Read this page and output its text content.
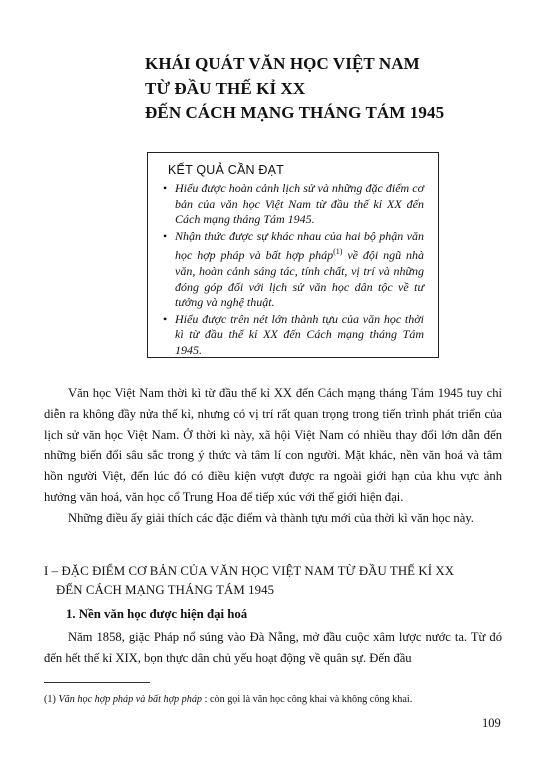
KHÁI QUÁT VĂN HỌC VIỆT NAM
TỪ ĐẦU THẾ KỈ XX
ĐẾN CÁCH MẠNG THÁNG TÁM 1945
KẾT QUẢ CẦN ĐẠT
• Hiểu được hoàn cảnh lịch sử và những đặc điểm cơ bản của văn học Việt Nam từ đầu thế kỉ XX đến Cách mạng tháng Tám 1945.
• Nhận thức được sự khác nhau của hai bộ phận văn học hợp pháp và bất hợp pháp$^{(1)}$ về đội ngũ nhà văn, hoàn cảnh sáng tác, tính chất, vị trí và những đóng góp đối với lịch sử văn học dân tộc về tư tưởng và nghệ thuật.
• Hiểu được trên nét lớn thành tựu của văn học thời kì từ đầu thế kỉ XX đến Cách mạng tháng Tám 1945.

Văn học Việt Nam thời kì từ đầu thế kỉ XX đến Cách mạng tháng Tám 1945 tuy chỉ diễn ra không đầy nửa thế kỉ, nhưng có vị trí rất quan trọng trong tiến trình phát triển của lịch sử văn học Việt Nam. Ở thời kì này, xã hội Việt Nam có nhiều thay đổi lớn dẫn đến những biến đổi sâu sắc trong ý thức và tâm lí con người. Mặt khác, nền văn hoá và tâm hồn người Việt, đến lúc đó có điều kiện vượt được ra ngoài giới hạn của khu vực ảnh hưởng văn hoá, văn học cổ Trung Hoa để tiếp xúc với thế giới hiện đại.

Những điều ấy giải thích các đặc điểm và thành tựu mới của thời kì văn học này.

I – ĐẶC ĐIỂM CƠ BẢN CỦA VĂN HỌC VIỆT NAM TỪ ĐẦU THẾ KỈ XX
ĐẾN CÁCH MẠNG THÁNG TÁM 1945
1. Nền văn học được hiện đại hoá

Năm 1858, giặc Pháp nổ súng vào Đà Nẵng, mở đầu cuộc xâm lược nước ta. Từ đó đến hết thế kỉ XIX, bọn thực dân chủ yếu hoạt động về quân sự. Đến đầu

(1) Văn học hợp pháp và bất hợp pháp : còn gọi là văn học công khai và không công khai.
109
